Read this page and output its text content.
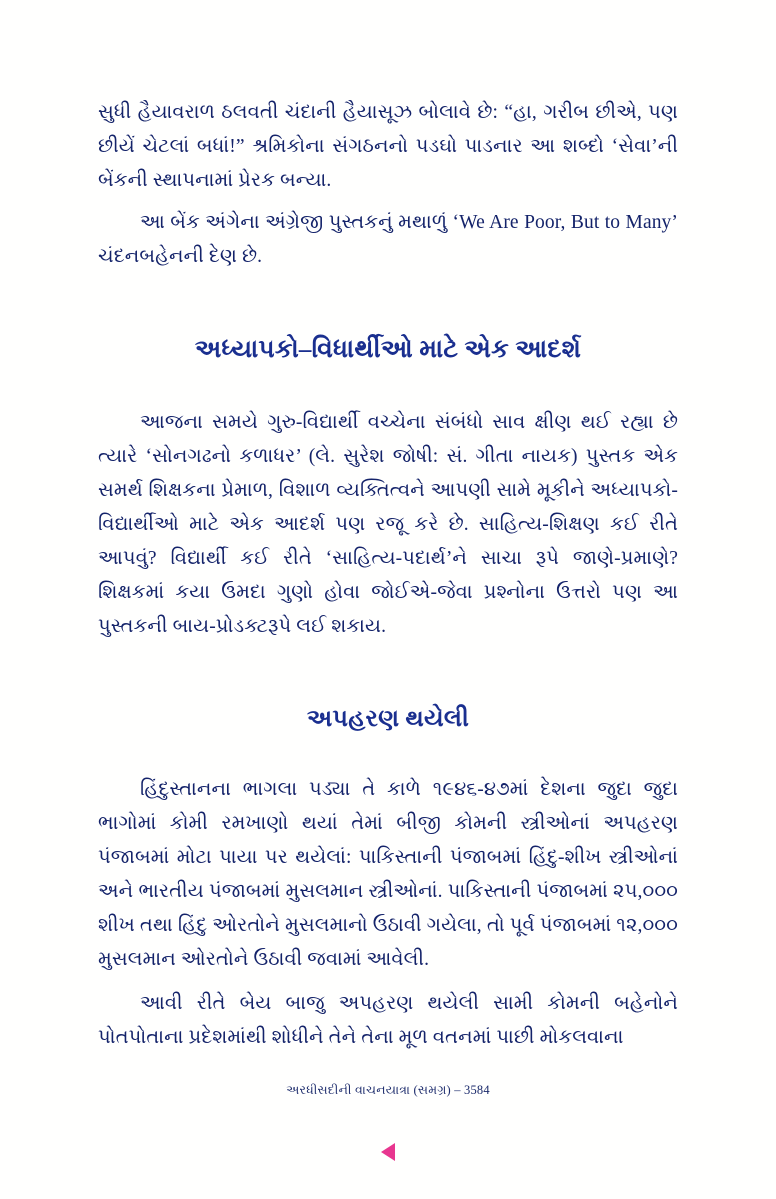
સુધી હૈયાવરાળ ઠલવતી ચંદાની હૈયાસૂઝ બોલાવે છે: “હા, ગરીબ છીએ, પણ છીયેં ચેટલાં બધાં!” શ્રમિકોના સંગઠનનો પડઘો પાડનાર આ શબ્દો ‘સેવા’ની બેંકની સ્થાપનામાં પ્રેરક બન્યા.

આ બેંક અંગેના અંગ્રેજી પુસ્તકનું મથાળું ‘We Are Poor, But to Many’ ચંદનબહેનની દેણ છે.

અધ્યાપકો–વિધાર્થીઓ માટે એક આદર્શ

આજના સમયે ગુરુ-વિદ્યાર્થી વચ્ચેના સંબંધો સાવ ક્ષીણ થઈ રહ્યા છે ત્યારે ‘સોનગઢનો કળાધર’ (લે. સુરેશ જોષી: સં. ગીતા નાયક) પુસ્તક એક સમર્થ શિક્ષકના પ્રેમાળ, વિશાળ વ્યક્તિત્વને આપણી સામે મૂકીને અધ્યાપકો-વિદ્યાર્થીઓ માટે એક આદર્શ પણ રજૂ કરે છે. સાહિત્ય-શિક્ષણ કઈ રીતે આપવું? વિદ્યાર્થી કઈ રીતે ‘સાહિત્ય-પદાર્થ’ને સાચા રૂપે જાણે-પ્રમાણે? શિક્ષકમાં કયા ઉમદા ગુણો હોવા જોઈએ-જેવા પ્રશ્નોના ઉત્તરો પણ આ પુસ્તકની બાય-પ્રોડક્ટરૂપે લઈ શકાય.

અપહરણ થયેલી

હિંદુસ્તાનના ભાગલા પડ્યા તે કાળે ૧૯૪૬-૪૭માં દેશના જુદા જુદા ભાગોમાં કોમી રમખાણો થયાં તેમાં બીજી કોમની સ્ત્રીઓનાં અપહરણ પંજાબમાં મોટા પાયા પર થયેલાં: પાકિસ્તાની પંજાબમાં હિંદુ-શીખ સ્ત્રીઓનાં અને ભારતીય પંજાબમાં મુસલમાન સ્ત્રીઓનાં. પાકિસ્તાની પંજાબમાં ૨૫,૦૦૦ શીખ તથા હિંદુ ઓરતોને મુસલમાનો ઉઠાવી ગયેલા, તો પૂર્વ પંજાબમાં ૧૨,૦૦૦ મુસલમાન ઓરતોને ઉઠાવી જવામાં આવેલી.

આવી રીતે બેય બાજુ અપહરણ થયેલી સામી કોમની બહેનોને પોતપોતાના પ્રદેશમાંથી શોધીને તેને તેના મૂળ વતનમાં પાછી મોકલવાના

અરધીસદીની વાચનયાત્રા (સમગ્ર) – 3584
